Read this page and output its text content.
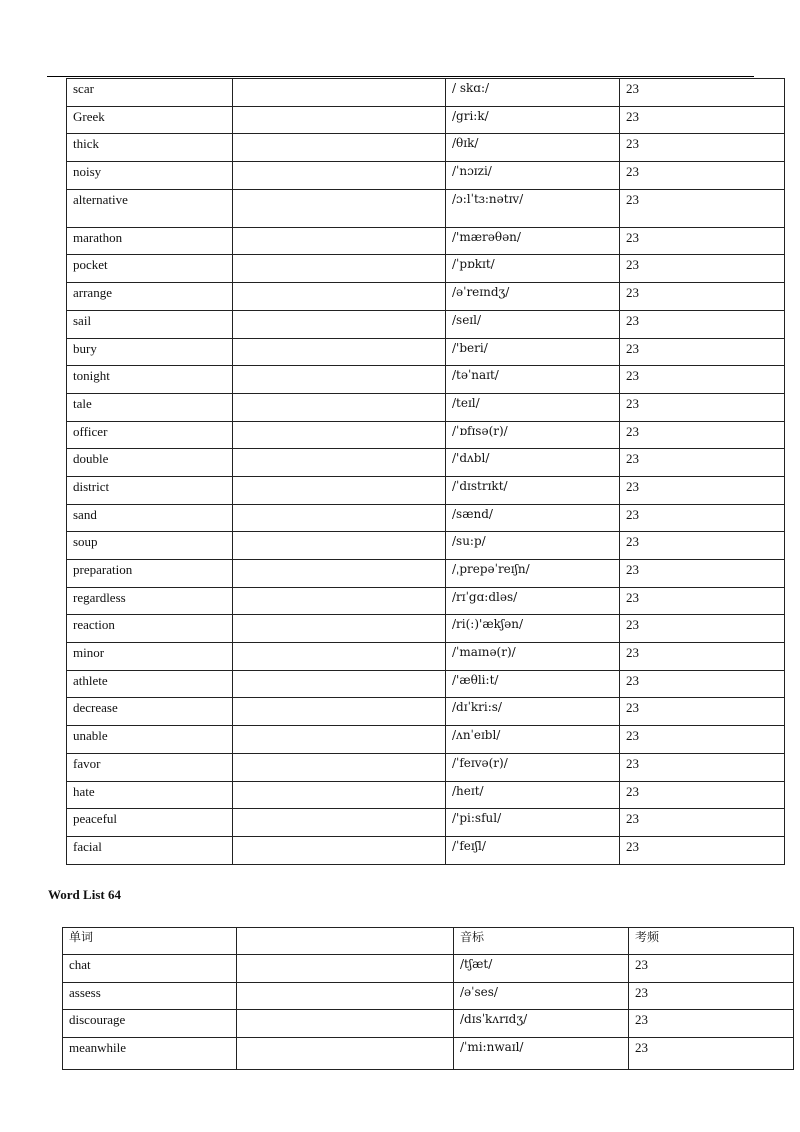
scar		/ skɑ:/	23
Greek		/gri:k/	23
thick		/θɪk/	23
noisy		/ˈnɔɪzi/	23
alternative		/ɔ:lˈtɜ:nətɪv/	23
marathon		/'mærəθən/	23
pocket		/ˈpɒkɪt/	23
arrange		/əˈreɪndʒ/	23
sail		/seɪl/	23
bury		/'beri/	23
tonight		/təˈnaɪt/	23
tale		/teɪl/	23
officer		/ˈɒfɪsə(r)/	23
double		/'dʌbl/	23
district		/ˈdɪstrɪkt/	23
sand		/sænd/	23
soup		/su:p/	23
preparation		/ˌprepəˈreɪʃn/	23
regardless		/rɪˈgɑ:dləs/	23
reaction		/ri(:)'ækʃən/	23
minor		/ˈmaɪnə(r)/	23
athlete		/'æθli:t/	23
decrease		/dɪˈkri:s/	23
unable		/ʌnˈeɪbl/	23
favor		/ˈfeɪvə(r)/	23
hate		/heɪt/	23
peaceful		/'pi:sful/	23
facial		/ˈfeɪʃl/	23
Word List 64
单词		音标	考频
chat		/tʃæt/	23
assess		/əˈses/	23
discourage		/dɪsˈkʌrɪdʒ/	23
meanwhile		/ˈmi:nwaɪl/	23
